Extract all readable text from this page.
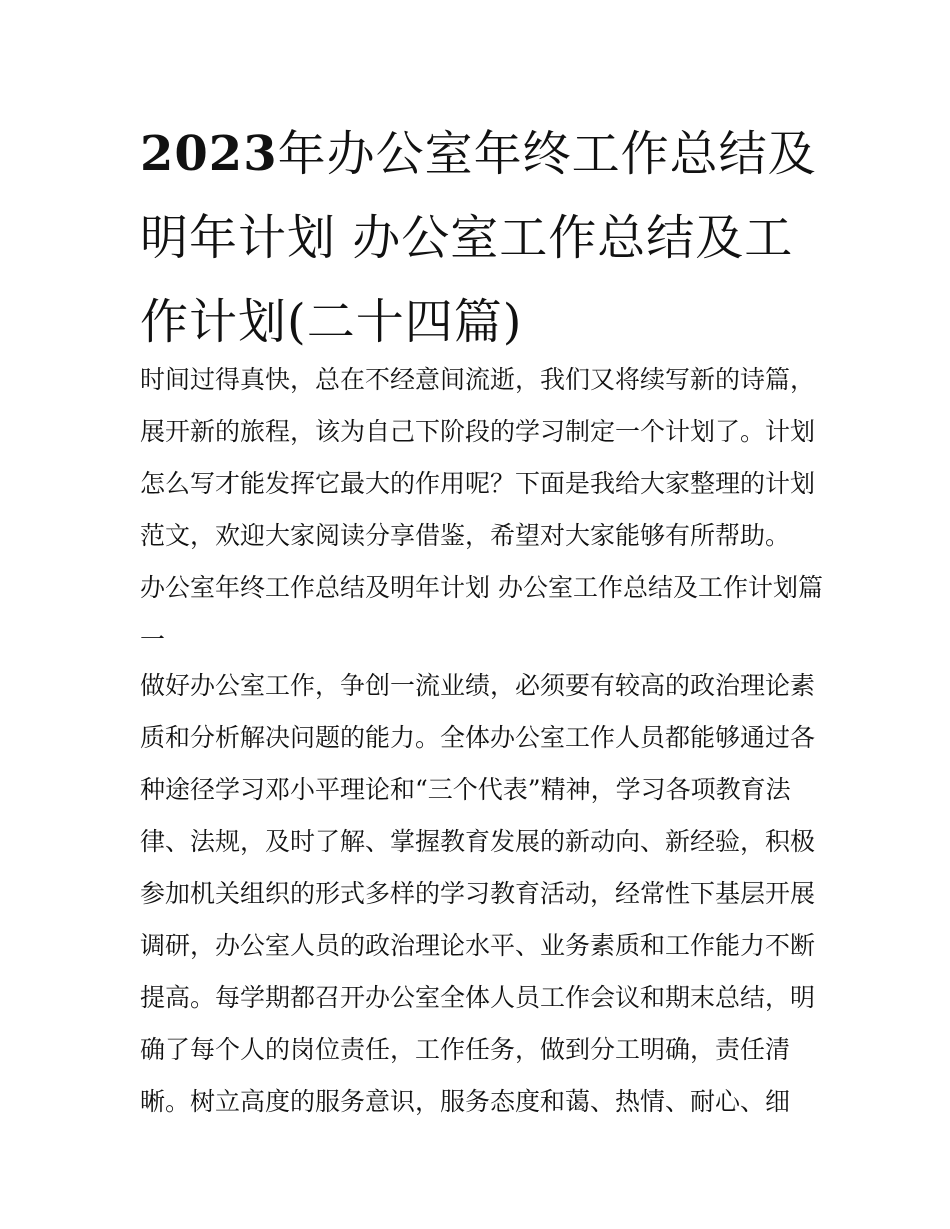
2023年办公室年终工作总结及明年计划 办公室工作总结及工作计划(二十四篇)

时间过得真快，总在不经意间流逝，我们又将续写新的诗篇，展开新的旅程，该为自己下阶段的学习制定一个计划了。计划怎么写才能发挥它最大的作用呢？下面是我给大家整理的计划范文，欢迎大家阅读分享借鉴，希望对大家能够有所帮助。

办公室年终工作总结及明年计划 办公室工作总结及工作计划篇一

做好办公室工作，争创一流业绩，必须要有较高的政治理论素质和分析解决问题的能力。全体办公室工作人员都能够通过各种途径学习邓小平理论和“三个代表”精神，学习各项教育法律、法规，及时了解、掌握教育发展的新动向、新经验，积极参加机关组织的形式多样的学习教育活动，经常性下基层开展调研，办公室人员的政治理论水平、业务素质和工作能力不断提高。每学期都召开办公室全体人员工作会议和期末总结，明确了每个人的岗位责任，工作任务，做到分工明确，责任清晰。树立高度的服务意识，服务态度和蔼、热情、耐心、细
